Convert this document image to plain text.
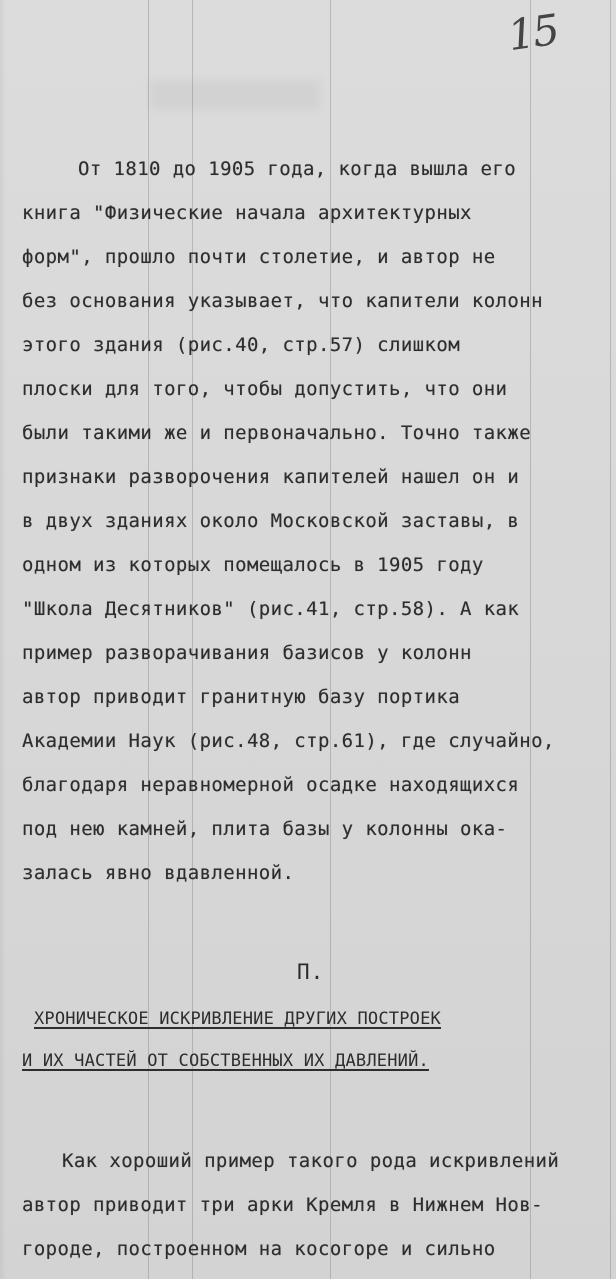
15
От 1810 до 1905 года, когда вышла его
книга "Физические начала архитектурных
форм", прошло почти столетие, и автор не
без основания указывает, что капители колонн
этого здания (рис.40, стр.57) слишком
плоски для того, чтобы допустить, что они
были такими же и первоначально. Точно также
признаки разворочения капителей нашел он и
в двух зданиях около Московской заставы, в
одном из которых помещалось в 1905 году
"Школа Десятников" (рис.41, стр.58). А как
пример разворачивания базисов у колонн
автор приводит гранитную базу портика
Академии Наук (рис.48, стр.61), где случайно,
благодаря неравномерной осадке находящихся
под нею камней, плита базы у колонны ока-
залась явно вдавленной.
П.
ХРОНИЧЕСКОЕ ИСКРИВЛЕНИЕ ДРУГИХ ПОСТРОЕК
И ИХ ЧАСТЕЙ ОТ СОБСТВЕННЫХ ИХ ДАВЛЕНИЙ.
Как хороший пример такого рода искривлений
автор приводит три арки Кремля в Нижнем Нов-
городе, построенном на косогоре и сильно
